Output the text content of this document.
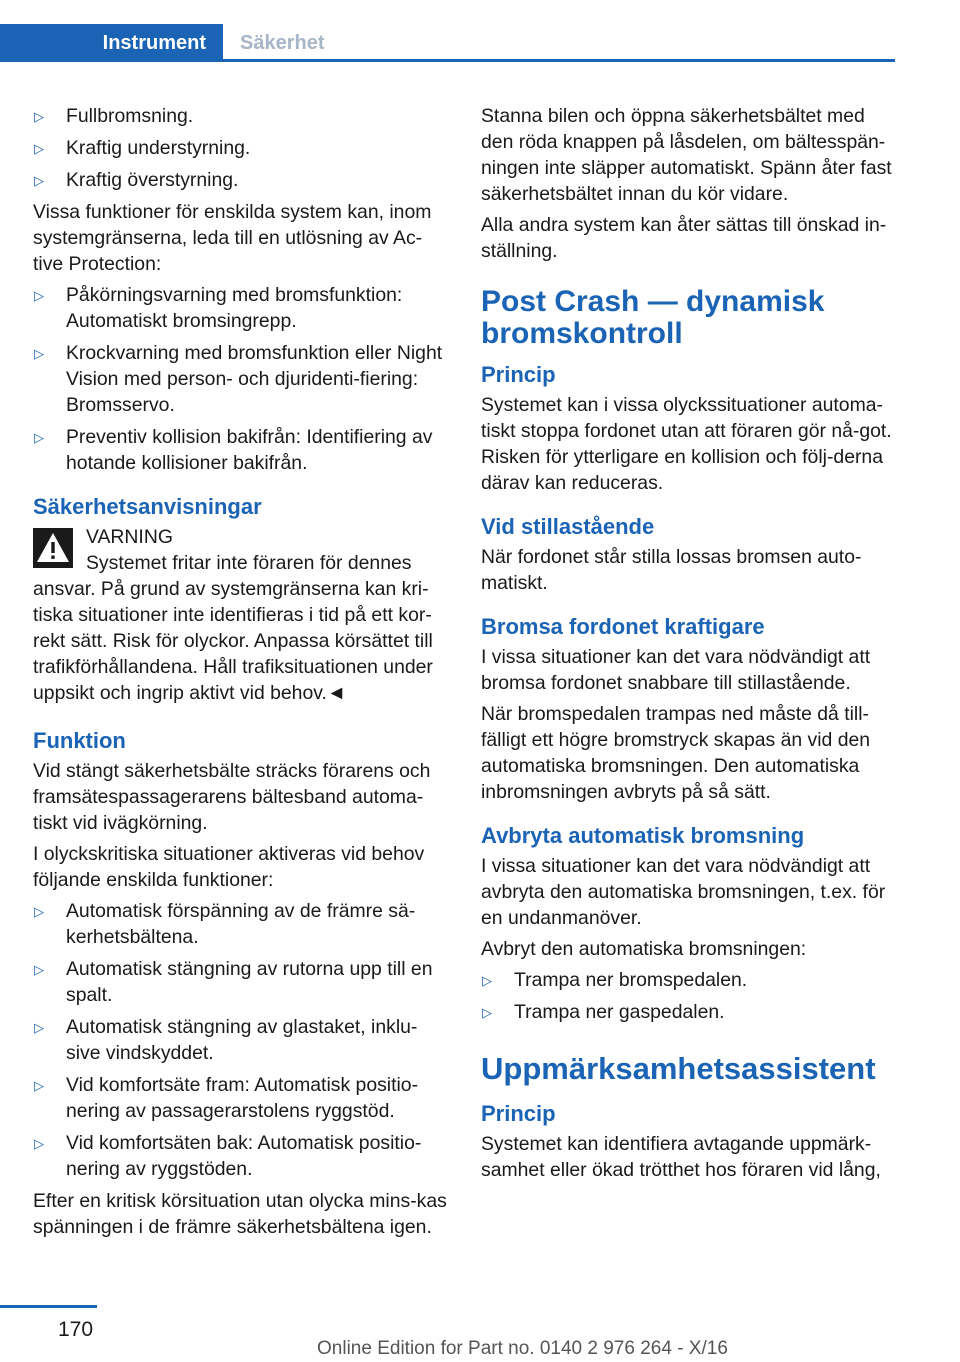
Instrument	Säkerhet
▷ Fullbromsning.
▷ Kraftig understyrning.
▷ Kraftig överstyrning.

Vissa funktioner för enskilda system kan, inom systemgränserna, leda till en utlösning av Ac‐tive Protection:

▷ Påkörningsvarning med bromsfunktion: Automatiskt bromsingrepp.
▷ Krockvarning med bromsfunktion eller Night Vision med person- och djuridenti‐fiering: Bromsservo.
▷ Preventiv kollision bakifrån: Identifiering av hotande kollisioner bakifrån.
Säkerhetsanvisningar
VARNING
Systemet fritar inte föraren för dennes ansvar. På grund av systemgränserna kan kri‐tiska situationer inte identifieras i tid på ett kor‐rekt sätt. Risk för olyckor. Anpassa körsättet till trafikförhållandena. Håll trafiksituationen under uppsikt och ingrip aktivt vid behov.◄
Funktion

Vid stängt säkerhetsbälte sträcks förarens och framsätespassagerarens bältesband automa‐tiskt vid ivägkörning.

I olyckskritiska situationer aktiveras vid behov följande enskilda funktioner:

▷ Automatisk förspänning av de främre sä‐kerhetsbältena.
▷ Automatisk stängning av rutorna upp till en spalt.
▷ Automatisk stängning av glastaket, inklu‐sive vindskyddet.
▷ Vid komfortsäte fram: Automatisk positio‐nering av passagerarstolens ryggstöd.
▷ Vid komfortsäten bak: Automatisk positio‐nering av ryggstöden.

Efter en kritisk körsituation utan olycka mins‐kas spänningen i de främre säkerhetsbältena igen.

Stanna bilen och öppna säkerhetsbältet med den röda knappen på låsdelen, om bältesspän‐ningen inte släpper automatiskt. Spänn åter fast säkerhetsbältet innan du kör vidare.

Alla andra system kan åter sättas till önskad in‐ställning.

Post Crash — dynamisk bromskontroll
Princip

Systemet kan i vissa olyckssituationer automa‐tiskt stoppa fordonet utan att föraren gör nå‐got. Risken för ytterligare en kollision och följ‐derna därav kan reduceras.

Vid stillastående

När fordonet står stilla lossas bromsen auto‐matiskt.

Bromsa fordonet kraftigare

I vissa situationer kan det vara nödvändigt att bromsa fordonet snabbare till stillastående.

När bromspedalen trampas ned måste då till‐fälligt ett högre bromstryck skapas än vid den automatiska bromsningen. Den automatiska inbromsningen avbryts på så sätt.

Avbryta automatisk bromsning

I vissa situationer kan det vara nödvändigt att avbryta den automatiska bromsningen, t.ex. för en undanmanöver.

Avbryt den automatiska bromsningen:

▷ Trampa ner bromspedalen.
▷ Trampa ner gaspedalen.
Uppmärksamhetsassistent
Princip

Systemet kan identifiera avtagande uppmärk‐samhet eller ökad trötthet hos föraren vid lång,

170
Online Edition for Part no. 0140 2 976 264 - X/16
